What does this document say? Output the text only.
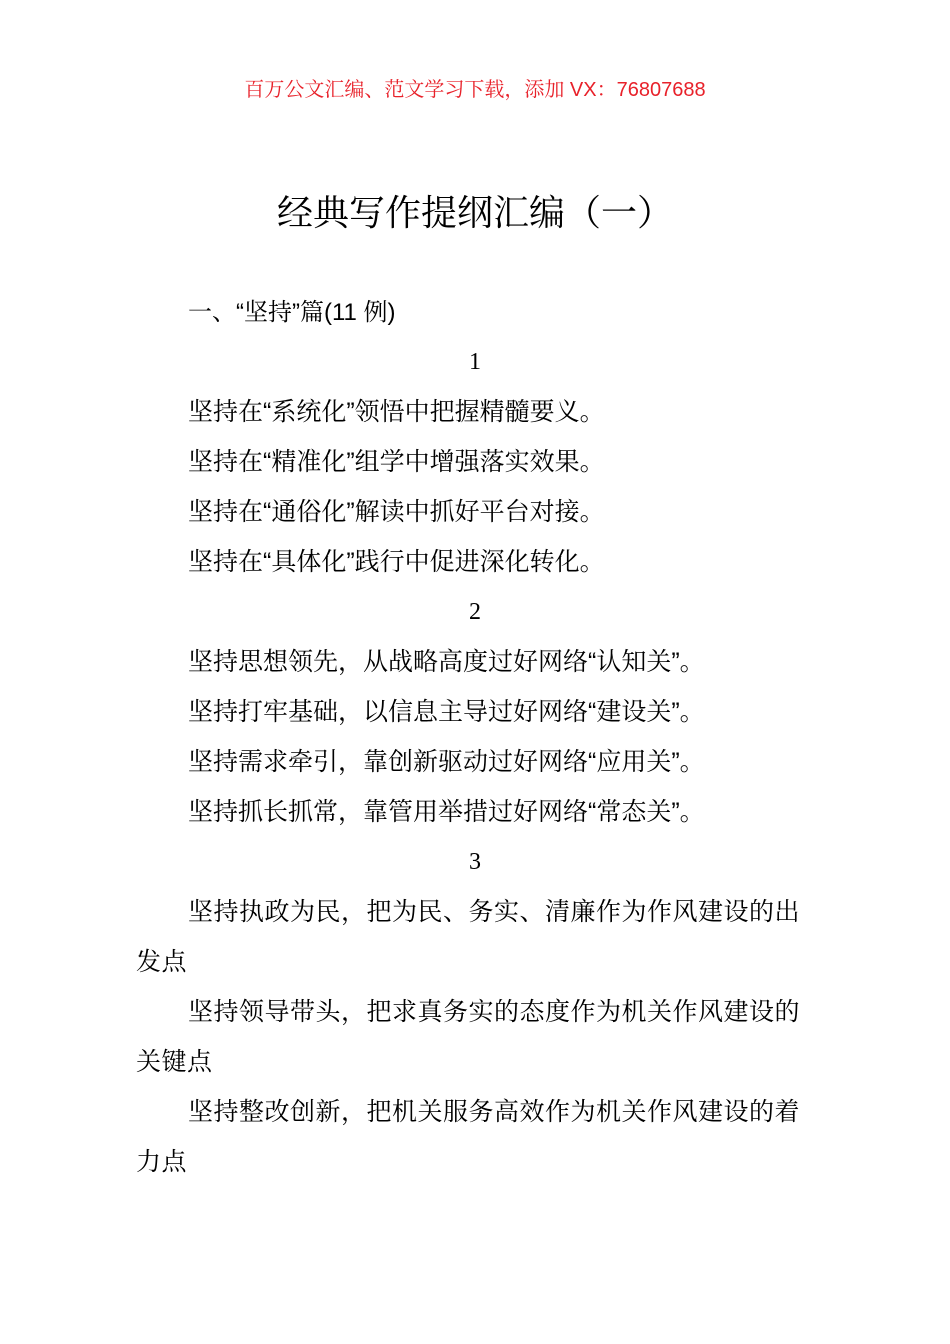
百万公文汇编、范文学习下载，添加 VX：76807688
经典写作提纲汇编（一）
一、“坚持”篇(11 例)
1
坚持在“系统化”领悟中把握精髓要义。
坚持在“精准化”组学中增强落实效果。
坚持在“通俗化”解读中抓好平台对接。
坚持在“具体化”践行中促进深化转化。
2
坚持思想领先，从战略高度过好网络“认知关”。
坚持打牢基础，以信息主导过好网络“建设关”。
坚持需求牵引，靠创新驱动过好网络“应用关”。
坚持抓长抓常，靠管用举措过好网络“常态关”。
3
坚持执政为民，把为民、务实、清廉作为作风建设的出发点
坚持领导带头，把求真务实的态度作为机关作风建设的关键点
坚持整改创新，把机关服务高效作为机关作风建设的着力点
